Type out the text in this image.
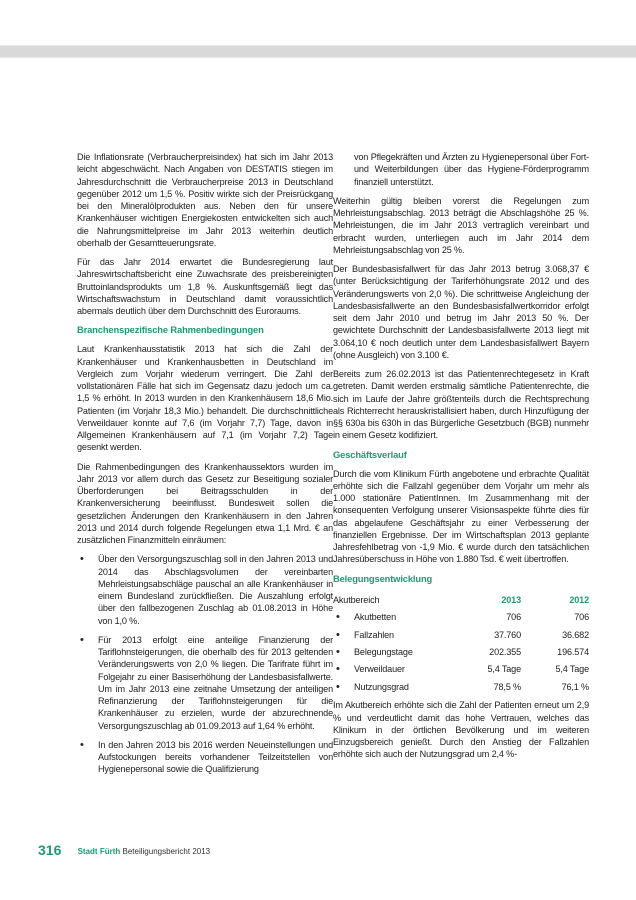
Die Inflationsrate (Verbraucherpreisindex) hat sich im Jahr 2013 leicht abgeschwächt. Nach Angaben von DESTATIS stiegen im Jahresdurchschnitt die Verbraucherpreise 2013 in Deutschland gegenüber 2012 um 1,5 %. Positiv wirkte sich der Preisrückgang bei den Mineralölprodukten aus. Neben den für unsere Krankenhäuser wichtigen Energiekosten entwickelten sich auch die Nahrungsmittelpreise im Jahr 2013 weiterhin deutlich oberhalb der Gesamtteuerungsrate.

Für das Jahr 2014 erwartet die Bundesregierung laut Jahreswirtschaftsbericht eine Zuwachsrate des preisbereinigten Bruttoinlandsprodukts um 1,8 %. Auskunftsgemäß liegt das Wirtschaftswachstum in Deutschland damit voraussichtlich abermals deutlich über dem Durchschnitt des Euroraums.

Branchenspezifische Rahmenbedingungen

Laut Krankenhausstatistik 2013 hat sich die Zahl der Krankenhäuser und Krankenhausbetten in Deutschland im Vergleich zum Vorjahr wiederum verringert. Die Zahl der vollstationären Fälle hat sich im Gegensatz dazu jedoch um ca. 1,5 % erhöht. In 2013 wurden in den Krankenhäusern 18,6 Mio. Patienten (im Vorjahr 18,3 Mio.) behandelt. Die durchschnittliche Verweildauer konnte auf 7,6 (im Vorjahr 7,7) Tage, davon in Allgemeinen Krankenhäusern auf 7,1 (im Vorjahr 7,2) Tage gesenkt werden.

Die Rahmenbedingungen des Krankenhaussektors wurden im Jahr 2013 vor allem durch das Gesetz zur Beseitigung sozialer Überforderungen bei Beitragsschulden in der Krankenversicherung beeinflusst. Bundesweit sollen die gesetzlichen Änderungen den Krankenhäusern in den Jahren 2013 und 2014 durch folgende Regelungen etwa 1,1 Mrd. € an zusätzlichen Finanzmitteln einräumen:

• Über den Versorgungszuschlag soll in den Jahren 2013 und 2014 das Abschlagsvolumen der vereinbarten Mehrleistungsabschläge pauschal an alle Krankenhäuser in einem Bundesland zurückfließen. Die Auszahlung erfolgt über den fallbezogenen Zuschlag ab 01.08.2013 in Höhe von 1,0 %.
• Für 2013 erfolgt eine anteilige Finanzierung der Tariflohnsteigerungen, die oberhalb des für 2013 geltenden Veränderungswerts von 2,0 % liegen. Die Tarifrate führt im Folgejahr zu einer Basiserhöhung der Landesbasisfallwerte. Um im Jahr 2013 eine zeitnahe Umsetzung der anteiligen Refinanzierung der Tariflohnsteigerungen für die Krankenhäuser zu erzielen, wurde der abzurechnende Versorgungszuschlag ab 01.09.2013 auf 1,64 % erhöht.
• In den Jahren 2013 bis 2016 werden Neueinstellungen und Aufstockungen bereits vorhandener Teilzeitstellen von Hygienepersonal sowie die Qualifizierung

von Pflegekräften und Ärzten zu Hygienepersonal über Fort- und Weiterbildungen über das Hygiene-Förderprogramm finanziell unterstützt.

Weiterhin gültig bleiben vorerst die Regelungen zum Mehrleistungsabschlag. 2013 beträgt die Abschlagshöhe 25 %. Mehrleistungen, die im Jahr 2013 vertraglich vereinbart und erbracht wurden, unterliegen auch im Jahr 2014 dem Mehrleistungsabschlag von 25 %.

Der Bundesbasisfallwert für das Jahr 2013 betrug 3.068,37 € (unter Berücksichtigung der Tariferhöhungsrate 2012 und des Veränderungswerts von 2,0 %). Die schrittweise Angleichung der Landesbasisfallwerte an den Bundesbasisfallwertkorridor erfolgt seit dem Jahr 2010 und betrug im Jahr 2013 50 %. Der gewichtete Durchschnitt der Landesbasisfallwerte 2013 liegt mit 3.064,10 € noch deutlich unter dem Landesbasisfallwert Bayern (ohne Ausgleich) von 3.100 €.

Bereits zum 26.02.2013 ist das Patientenrechtegesetz in Kraft getreten. Damit werden erstmalig sämtliche Patientenrechte, die sich im Laufe der Jahre größtenteils durch die Rechtsprechung als Richterrecht herauskristallisiert haben, durch Hinzufügung der §§ 630a bis 630h in das Bürgerliche Gesetzbuch (BGB) nunmehr in einem Gesetz kodifiziert.

Geschäftsverlauf

Durch die vom Klinikum Fürth angebotene und erbrachte Qualität erhöhte sich die Fallzahl gegenüber dem Vorjahr um mehr als 1.000 stationäre PatientInnen. Im Zusammenhang mit der konsequenten Verfolgung unserer Visionsaspekte führte dies für das abgelaufene Geschäftsjahr zu einer Verbesserung der finanziellen Ergebnisse. Der im Wirtschaftsplan 2013 geplante Jahresfehlbetrag von -1,9 Mio. € wurde durch den tatsächlichen Jahresüberschuss in Höhe von 1.880 Tsd. € weit übertroffen.

Belegungsentwicklung
Akutbereich	2013	2012
• Akutbetten	706	706
• Fallzahlen	37.760	36.682
• Belegungstage	202.355	196.574
• Verweildauer	5,4 Tage	5,4 Tage
• Nutzungsgrad	78,5 %	76,1 %

Im Akutbereich erhöhte sich die Zahl der Patienten erneut um 2,9 % und verdeutlicht damit das hohe Vertrauen, welches das Klinikum in der örtlichen Bevölkerung und im weiteren Einzugsbereich genießt. Durch den Anstieg der Fallzahlen erhöhte sich auch der Nutzungsgrad um 2,4 %-

316 Stadt Fürth Beteiligungsbericht 2013
